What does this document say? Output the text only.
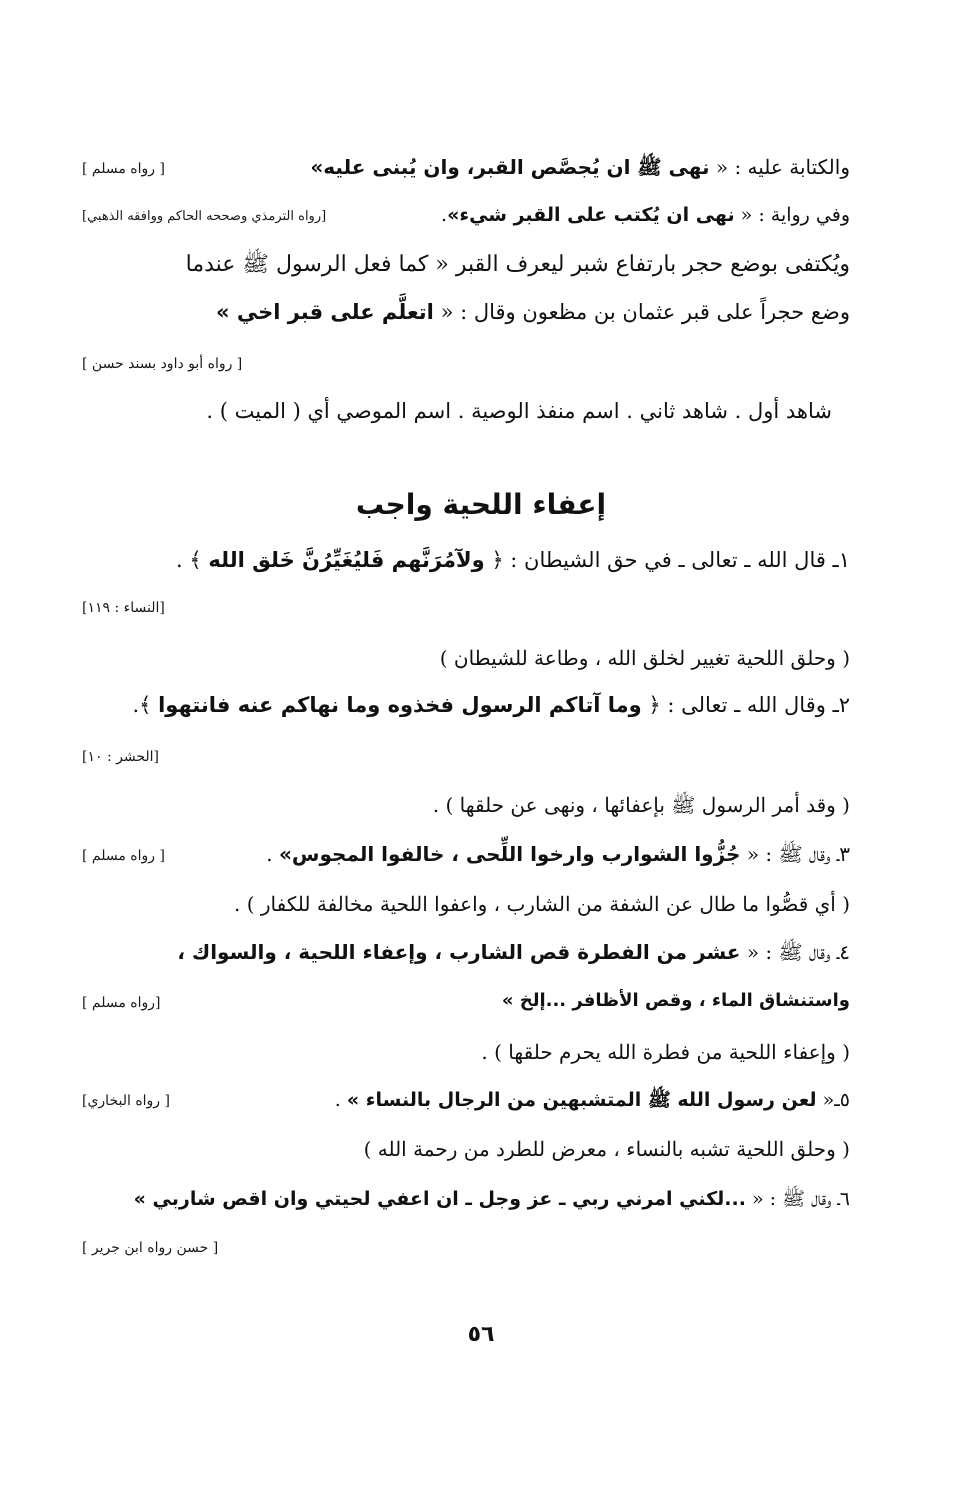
والكتابة عليه : « نهى ﷺ ان يُجصَّص القبر، وان يُبنى عليه»
[ رواه مسلم ]
وفي رواية : « نهى ان يُكتب على القبر شيء».
[رواه الترمذي وصححه الحاكم ووافقه الذهبي]
ويُكتفى بوضع حجر بارتفاع شبر ليعرف القبر « كما فعل الرسول ﷺ عندما
وضع حجراً على قبر عثمان بن مظعون وقال : « اتعلَّم على قبر اخي »
[ رواه أبو داود بسند حسن ]
شاهد أول . شاهد ثاني . اسم منفذ الوصية . اسم الموصي أي ( الميت ) .
إعفاء اللحية واجب
١ـ قال الله ـ تعالى ـ في حق الشيطان : ﴿ ولآمُرَنَّهم فَليُغَيِّرُنَّ خَلق الله ﴾ .
[النساء : ١١٩]
( وحلق اللحية تغيير لخلق الله ، وطاعة للشيطان )
٢ـ وقال الله ـ تعالى : ﴿ وما آتاكم الرسول فخذوه وما نهاكم عنه فانتهوا ﴾.
[الحشر : ١٠]
( وقد أمر الرسول ﷺ بإعفائها ، ونهى عن حلقها ) .
٣ـ وقال ﷺ : « جُزُّوا الشوارب وارخوا اللِّحى ، خالفوا المجوس» .
[ رواه مسلم ]
( أي قصُّوا ما طال عن الشفة من الشارب ، واعفوا اللحية مخالفة للكفار ) .
٤ـ وقال ﷺ : « عشر من الفطرة قص الشارب ، وإعفاء اللحية ، والسواك ،
واستنشاق الماء ، وقص الأظافر ...إلخ »
[رواه مسلم ]
( وإعفاء اللحية من فطرة الله يحرم حلقها ) .
٥ـ« لعن رسول الله ﷺ المتشبهين من الرجال بالنساء » .
[ رواه البخاري]
( وحلق اللحية تشبه بالنساء ، معرض للطرد من رحمة الله )
٦ـ وقال ﷺ : « ...لكني امرني ربي ـ عز وجل ـ ان اعفي لحيتي وان اقص شاربي »
[ حسن رواه ابن جرير ]
٥٦
